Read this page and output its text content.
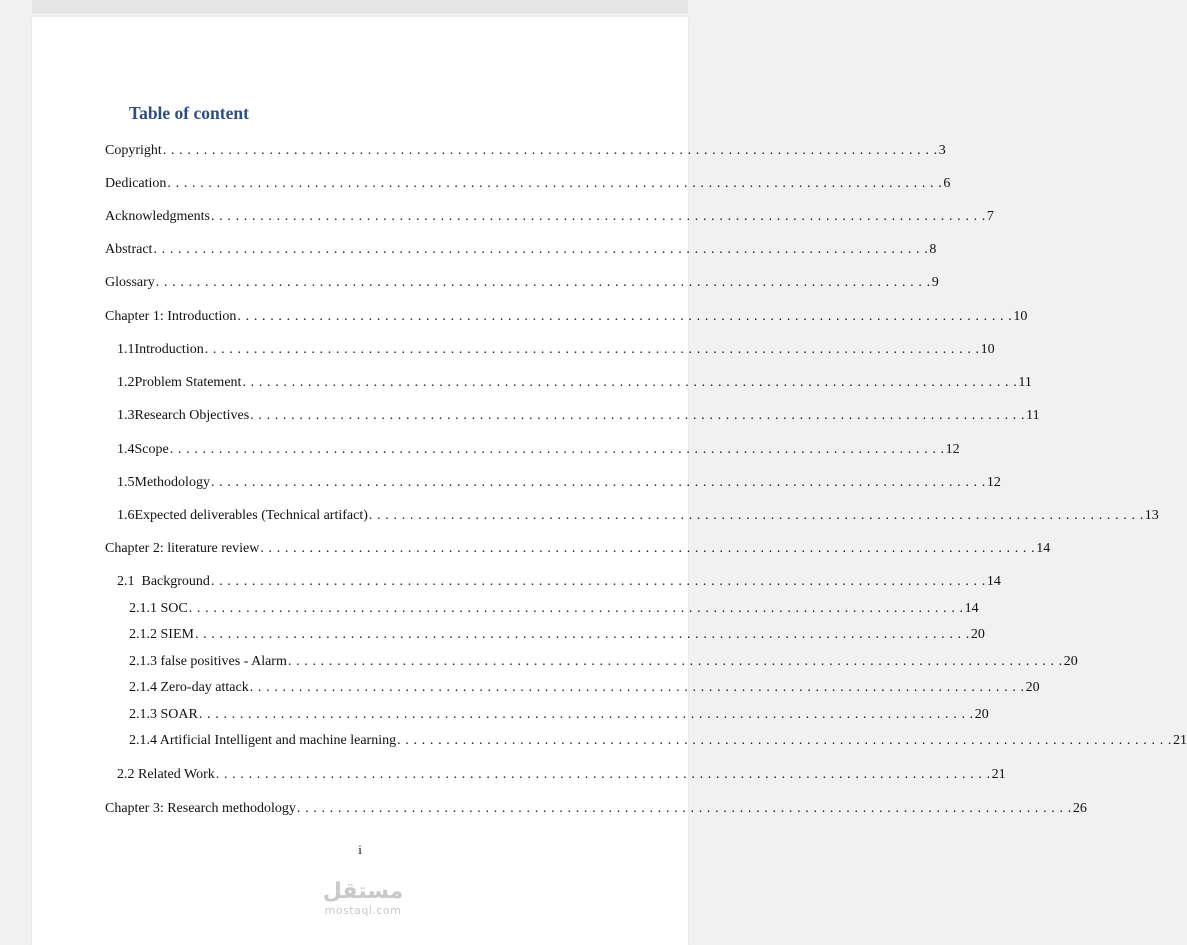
Table of content
Copyright . . . . . . . . . . . . . . . . . . . . . . . . . . . . . . . . . . . . . . . . . . . . . . . . . . . . . . . . . . . . . . . . . . . . . . . . . . . . . . . . . . . . . . . . . . . . . . . 3
Dedication . . . . . . . . . . . . . . . . . . . . . . . . . . . . . . . . . . . . . . . . . . . . . . . . . . . . . . . . . . . . . . . . . . . . . . . . . . . . . . . . . . . . . . . . . . . . . . . 6
Acknowledgments . . . . . . . . . . . . . . . . . . . . . . . . . . . . . . . . . . . . . . . . . . . . . . . . . . . . . . . . . . . . . . . . . . . . . . . . . . . . . . . . . . . . . . . . . . . . . . . 7
Abstract . . . . . . . . . . . . . . . . . . . . . . . . . . . . . . . . . . . . . . . . . . . . . . . . . . . . . . . . . . . . . . . . . . . . . . . . . . . . . . . . . . . . . . . . . . . . . . . 8
Glossary . . . . . . . . . . . . . . . . . . . . . . . . . . . . . . . . . . . . . . . . . . . . . . . . . . . . . . . . . . . . . . . . . . . . . . . . . . . . . . . . . . . . . . . . . . . . . . . 9
Chapter 1: Introduction . . . . . . . . . . . . . . . . . . . . . . . . . . . . . . . . . . . . . . . . . . . . . . . . . . . . . . . . . . . . . . . . . . . . . . . . . . . . . . . . . . . . . . . . . . . . . . . 10
1.1 Introduction . . . . . . . . . . . . . . . . . . . . . . . . . . . . . . . . . . . . . . . . . . . . . . . . . . . . . . . . . . . . . . . . . . . . . . . . . . . . . . . . . . . . . . . . . . . . . . . 10
1.2 Problem Statement . . . . . . . . . . . . . . . . . . . . . . . . . . . . . . . . . . . . . . . . . . . . . . . . . . . . . . . . . . . . . . . . . . . . . . . . . . . . . . . . . . . . . . . . . . . . . . . 11
1.3 Research Objectives . . . . . . . . . . . . . . . . . . . . . . . . . . . . . . . . . . . . . . . . . . . . . . . . . . . . . . . . . . . . . . . . . . . . . . . . . . . . . . . . . . . . . . . . . . . . . . . 11
1.4 Scope . . . . . . . . . . . . . . . . . . . . . . . . . . . . . . . . . . . . . . . . . . . . . . . . . . . . . . . . . . . . . . . . . . . . . . . . . . . . . . . . . . . . . . . . . . . . . . . 12
1.5 Methodology . . . . . . . . . . . . . . . . . . . . . . . . . . . . . . . . . . . . . . . . . . . . . . . . . . . . . . . . . . . . . . . . . . . . . . . . . . . . . . . . . . . . . . . . . . . . . . . 12
1.6 Expected deliverables (Technical artifact) . . . . . . . . . . . . . . . . . . . . . . . . . . . . . . . . . . . . . . . . . . . . . . . . . . . . . . . . . . . . . . . . . . . . . . . . . . . . . . . . . . . . . . . . . . . . . . . 13
Chapter 2: literature review . . . . . . . . . . . . . . . . . . . . . . . . . . . . . . . . . . . . . . . . . . . . . . . . . . . . . . . . . . . . . . . . . . . . . . . . . . . . . . . . . . . . . . . . . . . . . . . 14
2.1  Background . . . . . . . . . . . . . . . . . . . . . . . . . . . . . . . . . . . . . . . . . . . . . . . . . . . . . . . . . . . . . . . . . . . . . . . . . . . . . . . . . . . . . . . . . . . . . . . 14
2.1.1 SOC . . . . . . . . . . . . . . . . . . . . . . . . . . . . . . . . . . . . . . . . . . . . . . . . . . . . . . . . . . . . . . . . . . . . . . . . . . . . . . . . . . . . . . . . . . . . . . . 14
2.1.2 SIEM . . . . . . . . . . . . . . . . . . . . . . . . . . . . . . . . . . . . . . . . . . . . . . . . . . . . . . . . . . . . . . . . . . . . . . . . . . . . . . . . . . . . . . . . . . . . . . . 20
2.1.3 false positives - Alarm . . . . . . . . . . . . . . . . . . . . . . . . . . . . . . . . . . . . . . . . . . . . . . . . . . . . . . . . . . . . . . . . . . . . . . . . . . . . . . . . . . . . . . . . . . . . . . . 20
2.1.4 Zero-day attack . . . . . . . . . . . . . . . . . . . . . . . . . . . . . . . . . . . . . . . . . . . . . . . . . . . . . . . . . . . . . . . . . . . . . . . . . . . . . . . . . . . . . . . . . . . . . . . 20
2.1.3 SOAR . . . . . . . . . . . . . . . . . . . . . . . . . . . . . . . . . . . . . . . . . . . . . . . . . . . . . . . . . . . . . . . . . . . . . . . . . . . . . . . . . . . . . . . . . . . . . . . 20
2.1.4 Artificial Intelligent and machine learning . . . . . . . . . . . . . . . . . . . . . . . . . . . . . . . . . . . . . . . . . . . . . . . . . . . . . . . . . . . . . . . . . . . . . . . . . . . . . . . . . . . . . . . . . . . . . . . 21
2.2 Related Work . . . . . . . . . . . . . . . . . . . . . . . . . . . . . . . . . . . . . . . . . . . . . . . . . . . . . . . . . . . . . . . . . . . . . . . . . . . . . . . . . . . . . . . . . . . . . . . 21
Chapter 3: Research methodology . . . . . . . . . . . . . . . . . . . . . . . . . . . . . . . . . . . . . . . . . . . . . . . . . . . . . . . . . . . . . . . . . . . . . . . . . . . . . . . . . . . . . . . . . . . . . . . 26
i
مستقل
mostaql.com
